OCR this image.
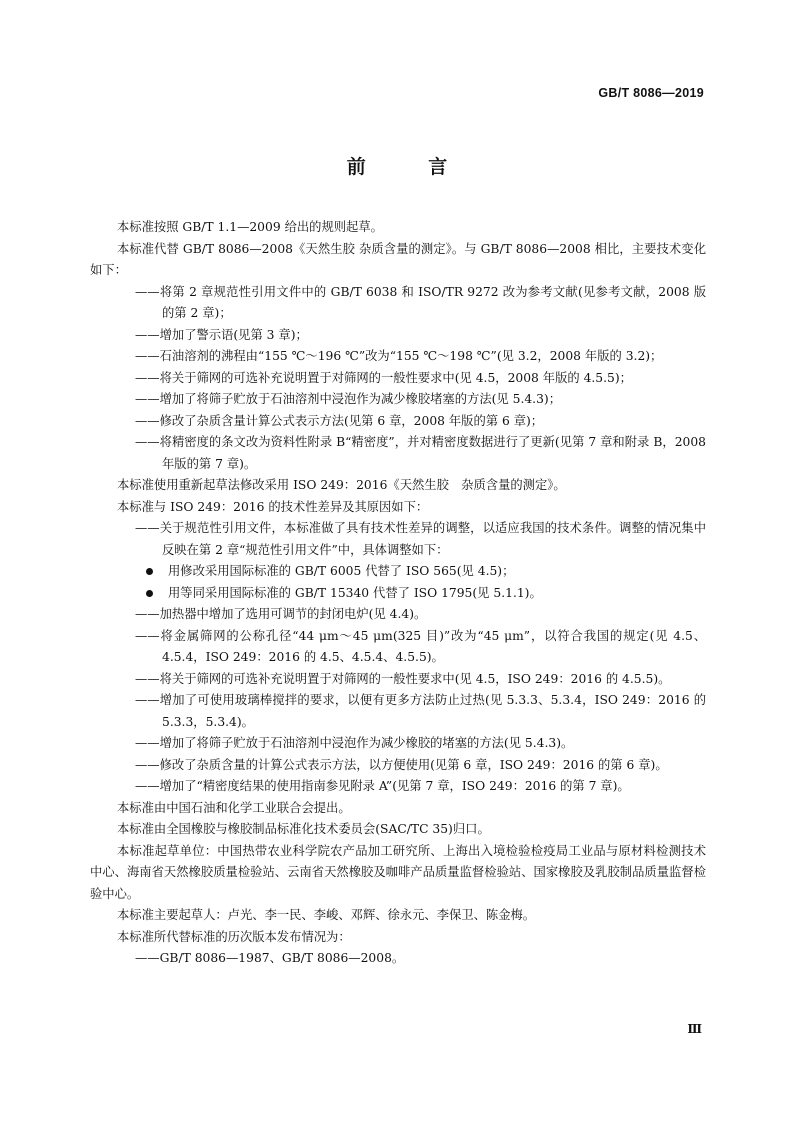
GB/T 8086—2019
前 言

本标准按照 GB/T 1.1—2009 给出的规则起草。

本标准代替 GB/T 8086—2008《天然生胶 杂质含量的测定》。与 GB/T 8086—2008 相比，主要技术变化如下：

——将第 2 章规范性引用文件中的 GB/T 6038 和 ISO/TR 9272 改为参考文献(见参考文献，2008 版的第 2 章)；

——增加了警示语(见第 3 章)；

——石油溶剂的沸程由“155 ℃～196 ℃”改为“155 ℃～198 ℃”(见 3.2，2008 年版的 3.2)；

——将关于筛网的可选补充说明置于对筛网的一般性要求中(见 4.5，2008 年版的 4.5.5)；

——增加了将筛子贮放于石油溶剂中浸泡作为减少橡胶堵塞的方法(见 5.4.3)；

——修改了杂质含量计算公式表示方法(见第 6 章，2008 年版的第 6 章)；

——将精密度的条文改为资料性附录 B“精密度”，并对精密度数据进行了更新(见第 7 章和附录 B，2008 年版的第 7 章)。

本标准使用重新起草法修改采用 ISO 249：2016《天然生胶　杂质含量的测定》。

本标准与 ISO 249：2016 的技术性差异及其原因如下：

——关于规范性引用文件，本标准做了具有技术性差异的调整，以适应我国的技术条件。调整的情况集中反映在第 2 章“规范性引用文件”中，具体调整如下：

用修改采用国际标准的 GB/T 6005 代替了 ISO 565(见 4.5)；

用等同采用国际标准的 GB/T 15340 代替了 ISO 1795(见 5.1.1)。

——加热器中增加了选用可调节的封闭电炉(见 4.4)。

——将金属筛网的公称孔径“44 μm～45 μm(325 目)”改为“45 μm”，以符合我国的规定(见 4.5、4.5.4，ISO 249：2016 的 4.5、4.5.4、4.5.5)。

——将关于筛网的可选补充说明置于对筛网的一般性要求中(见 4.5，ISO 249：2016 的 4.5.5)。

——增加了可使用玻璃棒搅拌的要求，以便有更多方法防止过热(见 5.3.3、5.3.4，ISO 249：2016 的 5.3.3，5.3.4)。

——增加了将筛子贮放于石油溶剂中浸泡作为减少橡胶的堵塞的方法(见 5.4.3)。

——修改了杂质含量的计算公式表示方法，以方便使用(见第 6 章，ISO 249：2016 的第 6 章)。

——增加了“精密度结果的使用指南参见附录 A”(见第 7 章，ISO 249：2016 的第 7 章)。

本标准由中国石油和化学工业联合会提出。

本标准由全国橡胶与橡胶制品标准化技术委员会(SAC/TC 35)归口。

本标准起草单位：中国热带农业科学院农产品加工研究所、上海出入境检验检疫局工业品与原材料检测技术中心、海南省天然橡胶质量检验站、云南省天然橡胶及咖啡产品质量监督检验站、国家橡胶及乳胶制品质量监督检验中心。

本标准主要起草人：卢光、李一民、李峻、邓辉、徐永元、李保卫、陈金梅。

本标准所代替标准的历次版本发布情况为：

——GB/T 8086—1987、GB/T 8086—2008。

Ⅲ
